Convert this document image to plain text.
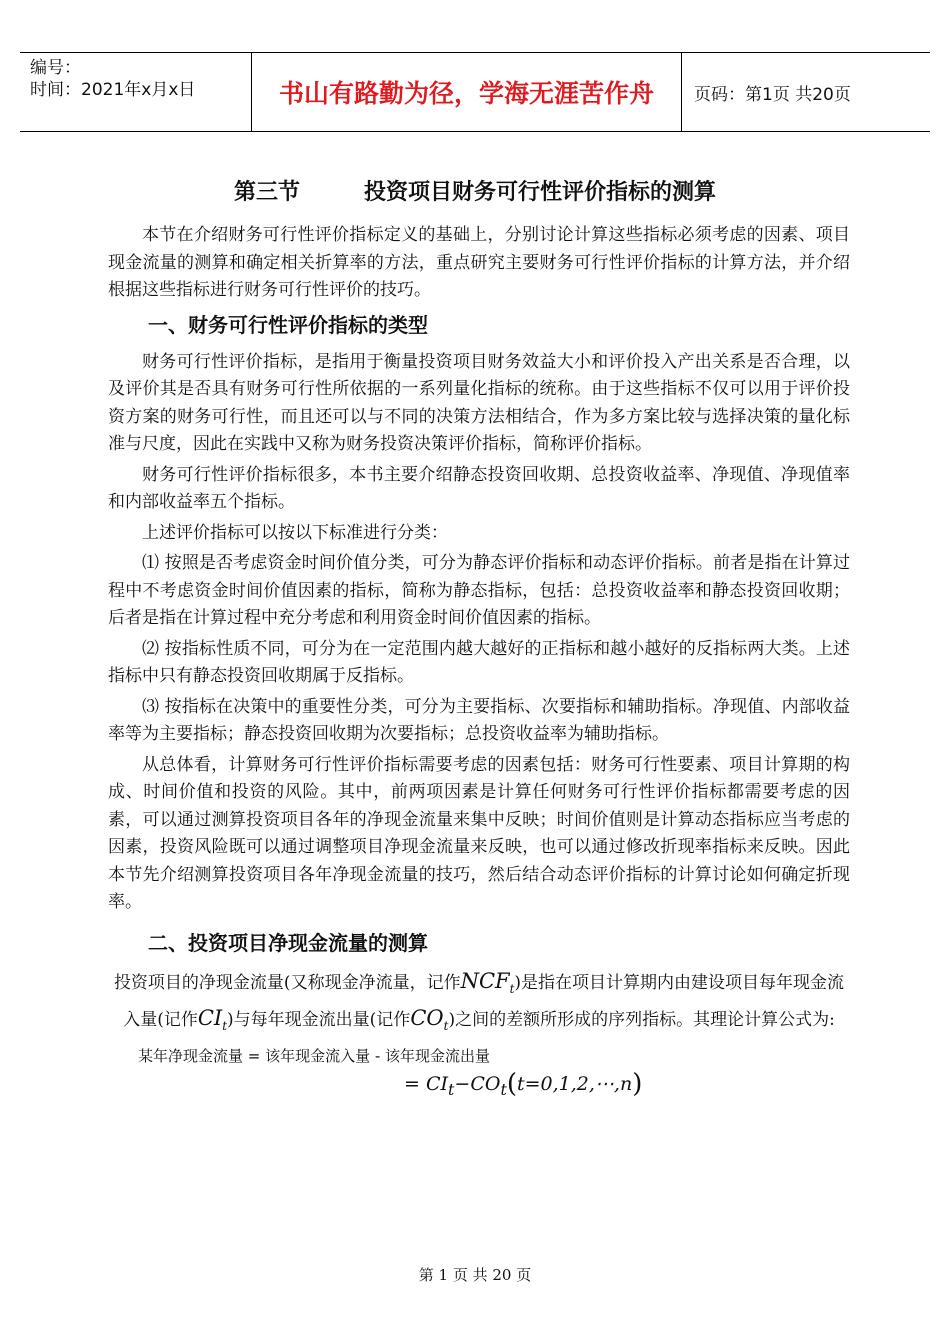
编号：
时间：2021年x月x日	书山有路勤为径，学海无涯苦作舟	页码：第1页 共20页
第三节	投资项目财务可行性评价指标的测算

本节在介绍财务可行性评价指标定义的基础上，分别讨论计算这些指标必须考虑的因素、项目现金流量的测算和确定相关折算率的方法，重点研究主要财务可行性评价指标的计算方法，并介绍根据这些指标进行财务可行性评价的技巧。

一、财务可行性评价指标的类型

财务可行性评价指标，是指用于衡量投资项目财务效益大小和评价投入产出关系是否合理，以及评价其是否具有财务可行性所依据的一系列量化指标的统称。由于这些指标不仅可以用于评价投资方案的财务可行性，而且还可以与不同的决策方法相结合，作为多方案比较与选择决策的量化标准与尺度，因此在实践中又称为财务投资决策评价指标，简称评价指标。

财务可行性评价指标很多，本书主要介绍静态投资回收期、总投资收益率、净现值、净现值率和内部收益率五个指标。

上述评价指标可以按以下标准进行分类：

⑴ 按照是否考虑资金时间价值分类，可分为静态评价指标和动态评价指标。前者是指在计算过程中不考虑资金时间价值因素的指标，简称为静态指标，包括：总投资收益率和静态投资回收期；后者是指在计算过程中充分考虑和利用资金时间价值因素的指标。

⑵ 按指标性质不同，可分为在一定范围内越大越好的正指标和越小越好的反指标两大类。上述指标中只有静态投资回收期属于反指标。

⑶ 按指标在决策中的重要性分类，可分为主要指标、次要指标和辅助指标。净现值、内部收益率等为主要指标；静态投资回收期为次要指标；总投资收益率为辅助指标。

从总体看，计算财务可行性评价指标需要考虑的因素包括：财务可行性要素、项目计算期的构成、时间价值和投资的风险。其中，前两项因素是计算任何财务可行性评价指标都需要考虑的因素，可以通过测算投资项目各年的净现金流量来集中反映；时间价值则是计算动态指标应当考虑的因素，投资风险既可以通过调整项目净现金流量来反映，也可以通过修改折现率指标来反映。因此本节先介绍测算投资项目各年净现金流量的技巧，然后结合动态评价指标的计算讨论如何确定折现率。

二、投资项目净现金流量的测算

投资项目的净现金流量(又称现金净流量，记作$NCF_t$)是指在项目计算期内由建设项目每年现金流入量(记作$CI_t$)与每年现金流出量(记作$CO_t$)之间的差额所形成的序列指标。其理论计算公式为:

某年净现金流量 = 该年现金流入量 - 该年现金流出量
= $CI_t-CO_t(t=0,1,2,\cdots,n)$
第 1 页 共 20 页
